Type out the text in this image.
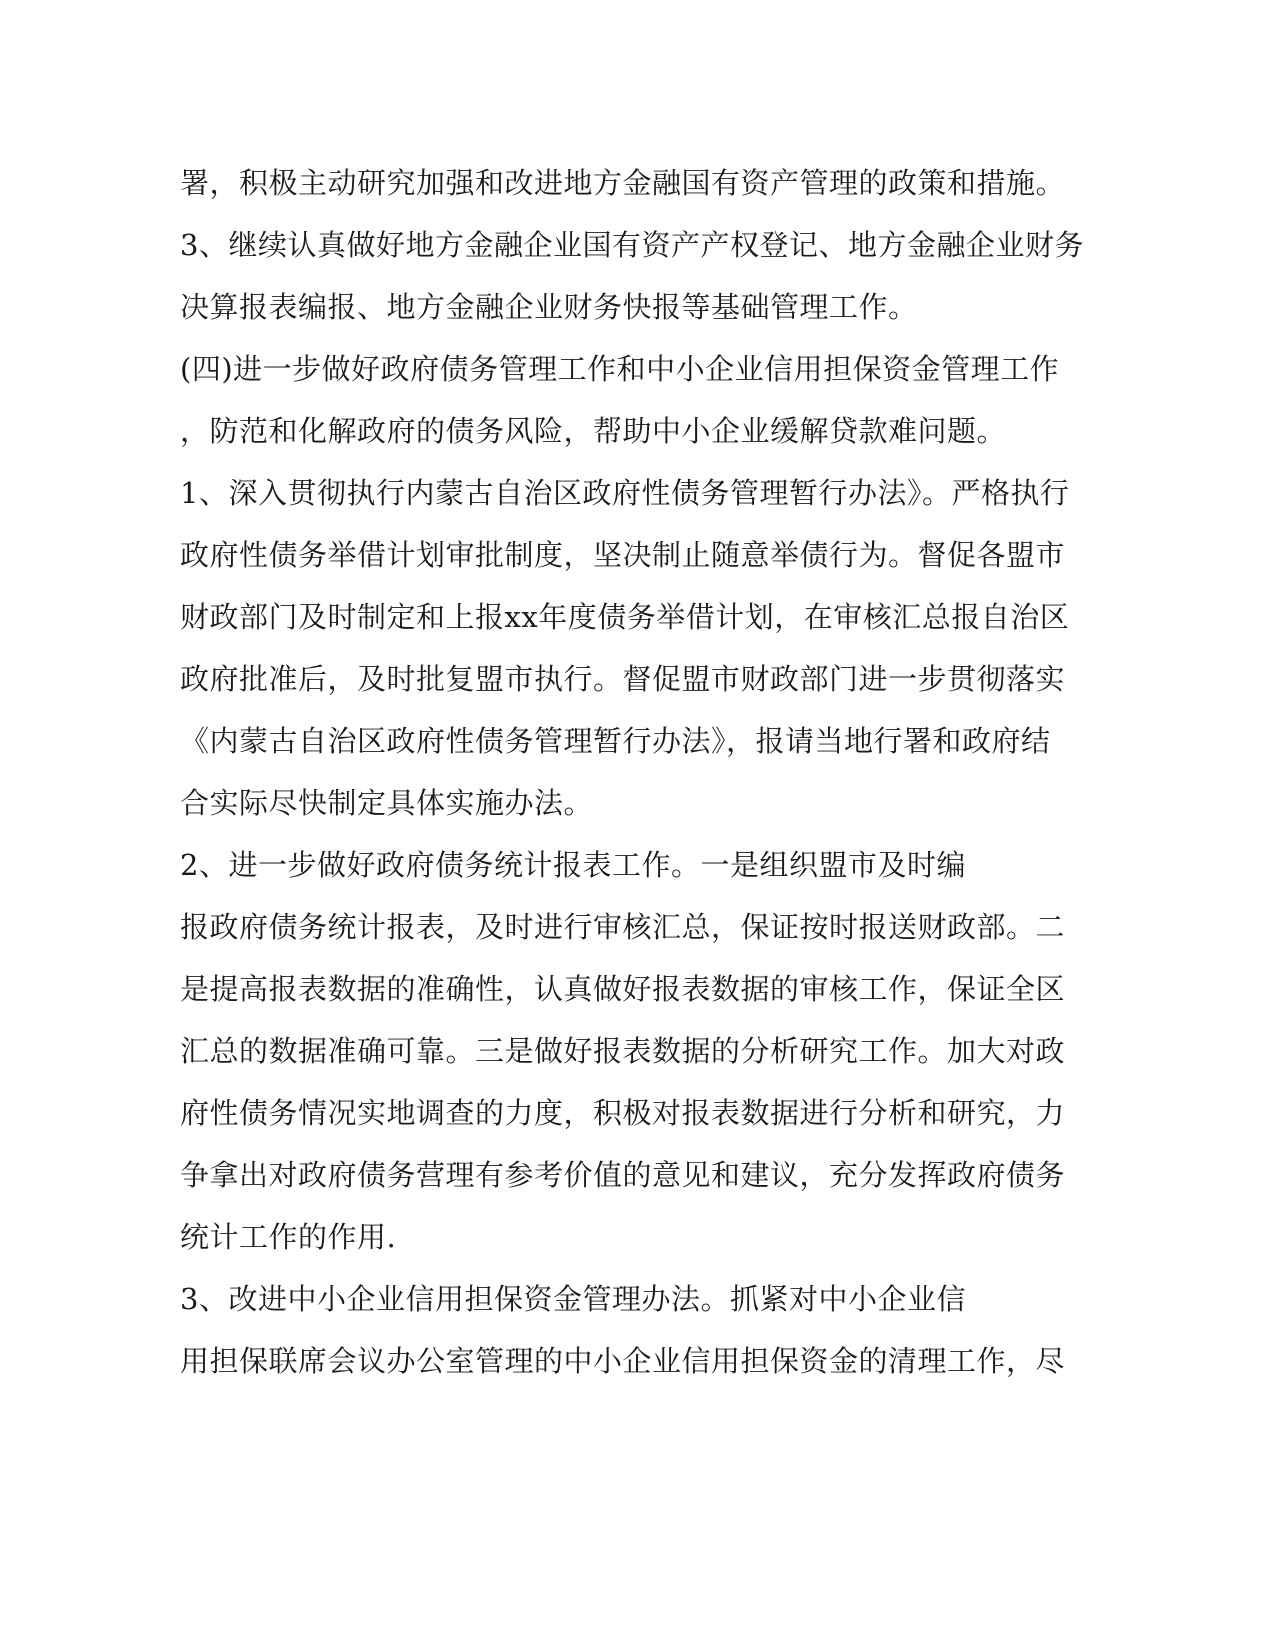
署，积极主动研究加强和改进地方金融国有资产管理的政策和措施。
3、继续认真做好地方金融企业国有资产产权登记、地方金融企业财务
决算报表编报、地方金融企业财务快报等基础管理工作。
(四)进一步做好政府债务管理工作和中小企业信用担保资金管理工作
，防范和化解政府的债务风险，帮助中小企业缓解贷款难问题。
1、深入贯彻执行内蒙古自治区政府性债务管理暂行办法》。严格执行
政府性债务举借计划审批制度，坚决制止随意举债行为。督促各盟市
财政部门及时制定和上报xx年度债务举借计划，在审核汇总报自治区
政府批准后，及时批复盟市执行。督促盟市财政部门进一步贯彻落实
《内蒙古自治区政府性债务管理暂行办法》，报请当地行署和政府结
合实际尽快制定具体实施办法。
2、进一步做好政府债务统计报表工作。一是组织盟市及时编
报政府债务统计报表，及时进行审核汇总，保证按时报送财政部。二
是提高报表数据的准确性，认真做好报表数据的审核工作，保证全区
汇总的数据准确可靠。三是做好报表数据的分析研究工作。加大对政
府性债务情况实地调查的力度，积极对报表数据进行分析和研究，力
争拿出对政府债务营理有参考价值的意见和建议，充分发挥政府债务
统计工作的作用.
3、改进中小企业信用担保资金管理办法。抓紧对中小企业信
用担保联席会议办公室管理的中小企业信用担保资金的清理工作，尽
